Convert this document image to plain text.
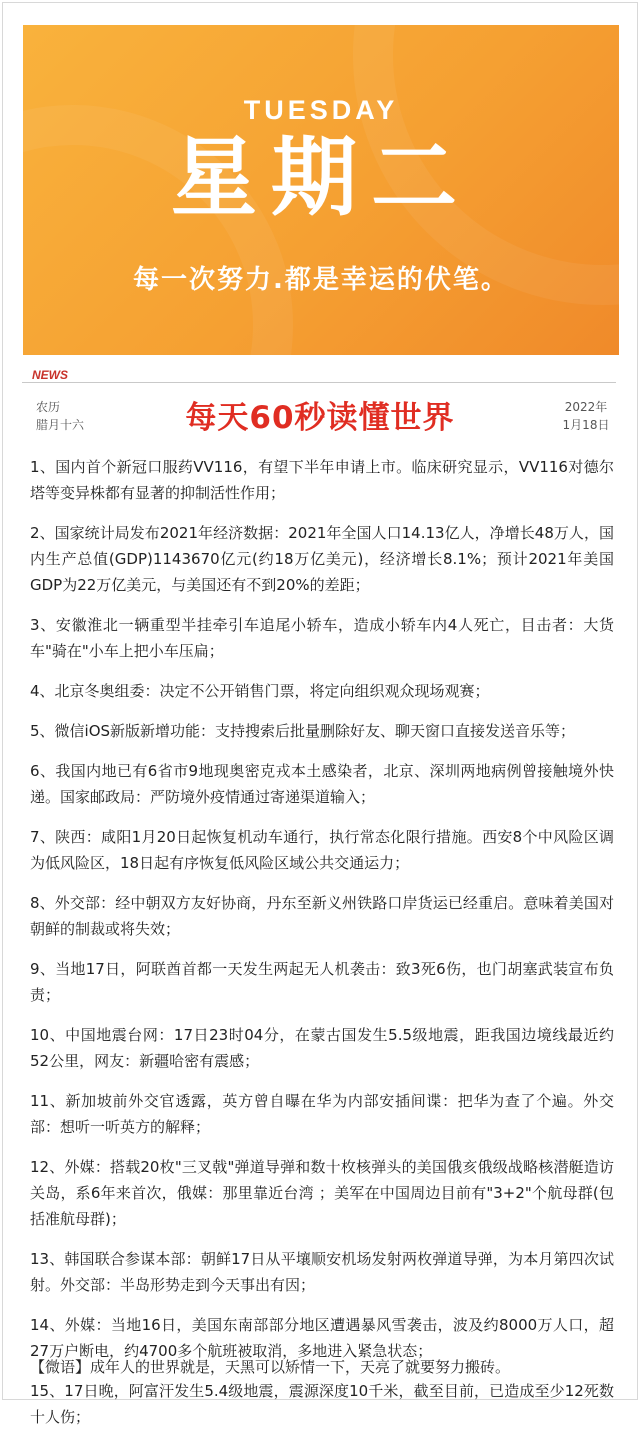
TUESDAY
星期二
每一次努力.都是幸运的伏笔。
NEWS
农历
腊月十六	每天60秒读懂世界	2022年
1月18日

1、国内首个新冠口服药VV116，有望下半年申请上市。临床研究显示，VV116对德尔塔等变异株都有显著的抑制活性作用；

2、国家统计局发布2021年经济数据：2021年全国人口14.13亿人，净增长48万人，国内生产总值(GDP)1143670亿元(约18万亿美元)，经济增长8.1%；预计2021年美国GDP为22万亿美元，与美国还有不到20%的差距；

3、安徽淮北一辆重型半挂牵引车追尾小轿车，造成小轿车内4人死亡，目击者：大货车"骑在"小车上把小车压扁；

4、北京冬奥组委：决定不公开销售门票，将定向组织观众现场观赛；

5、微信iOS新版新增功能：支持搜索后批量删除好友、聊天窗口直接发送音乐等；

6、我国内地已有6省市9地现奥密克戎本土感染者，北京、深圳两地病例曾接触境外快递。国家邮政局：严防境外疫情通过寄递渠道输入；

7、陕西：咸阳1月20日起恢复机动车通行，执行常态化限行措施。西安8个中风险区调为低风险区，18日起有序恢复低风险区域公共交通运力；

8、外交部：经中朝双方友好协商，丹东至新义州铁路口岸货运已经重启。意味着美国对朝鲜的制裁或将失效；

9、当地17日，阿联酋首都一天发生两起无人机袭击：致3死6伤，也门胡塞武装宣布负责；

10、中国地震台网：17日23时04分，在蒙古国发生5.5级地震，距我国边境线最近约52公里，网友：新疆哈密有震感；

11、新加坡前外交官透露，英方曾自曝在华为内部安插间谍：把华为查了个遍。外交部：想听一听英方的解释；

12、外媒：搭载20枚"三叉戟"弹道导弹和数十枚核弹头的美国俄亥俄级战略核潜艇造访关岛，系6年来首次，俄媒：那里靠近台湾 ；美军在中国周边目前有"3+2"个航母群(包括准航母群)；

13、韩国联合参谋本部：朝鲜17日从平壤顺安机场发射两枚弹道导弹，为本月第四次试射。外交部：半岛形势走到今天事出有因；

14、外媒：当地16日，美国东南部部分地区遭遇暴风雪袭击，波及约8000万人口，超27万户断电，约4700多个航班被取消，多地进入紧急状态；

15、17日晚，阿富汗发生5.4级地震，震源深度10千米，截至目前，已造成至少12死数十人伤；

【微语】成年人的世界就是，天黑可以矫情一下，天亮了就要努力搬砖。
